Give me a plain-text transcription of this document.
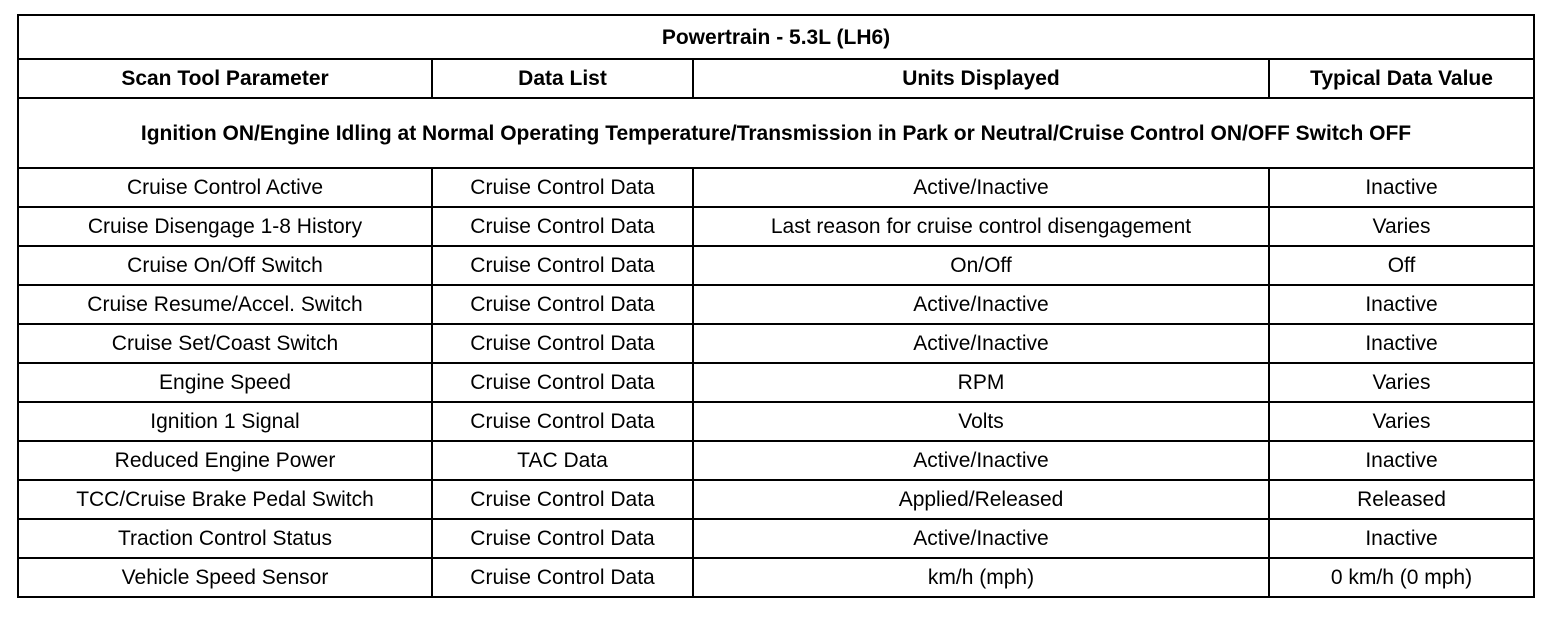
Powertrain - 5.3L (LH6)			
Scan Tool Parameter	Data List	Units Displayed	Typical Data Value
Ignition ON/Engine Idling at Normal Operating Temperature/Transmission in Park or Neutral/Cruise Control ON/OFF Switch OFF			
Cruise Control Active	Cruise Control Data	Active/Inactive	Inactive
Cruise Disengage 1-8 History	Cruise Control Data	Last reason for cruise control disengagement	Varies
Cruise On/Off Switch	Cruise Control Data	On/Off	Off
Cruise Resume/Accel. Switch	Cruise Control Data	Active/Inactive	Inactive
Cruise Set/Coast Switch	Cruise Control Data	Active/Inactive	Inactive
Engine Speed	Cruise Control Data	RPM	Varies
Ignition 1 Signal	Cruise Control Data	Volts	Varies
Reduced Engine Power	TAC Data	Active/Inactive	Inactive
TCC/Cruise Brake Pedal Switch	Cruise Control Data	Applied/Released	Released
Traction Control Status	Cruise Control Data	Active/Inactive	Inactive
Vehicle Speed Sensor	Cruise Control Data	km/h (mph)	0 km/h (0 mph)
